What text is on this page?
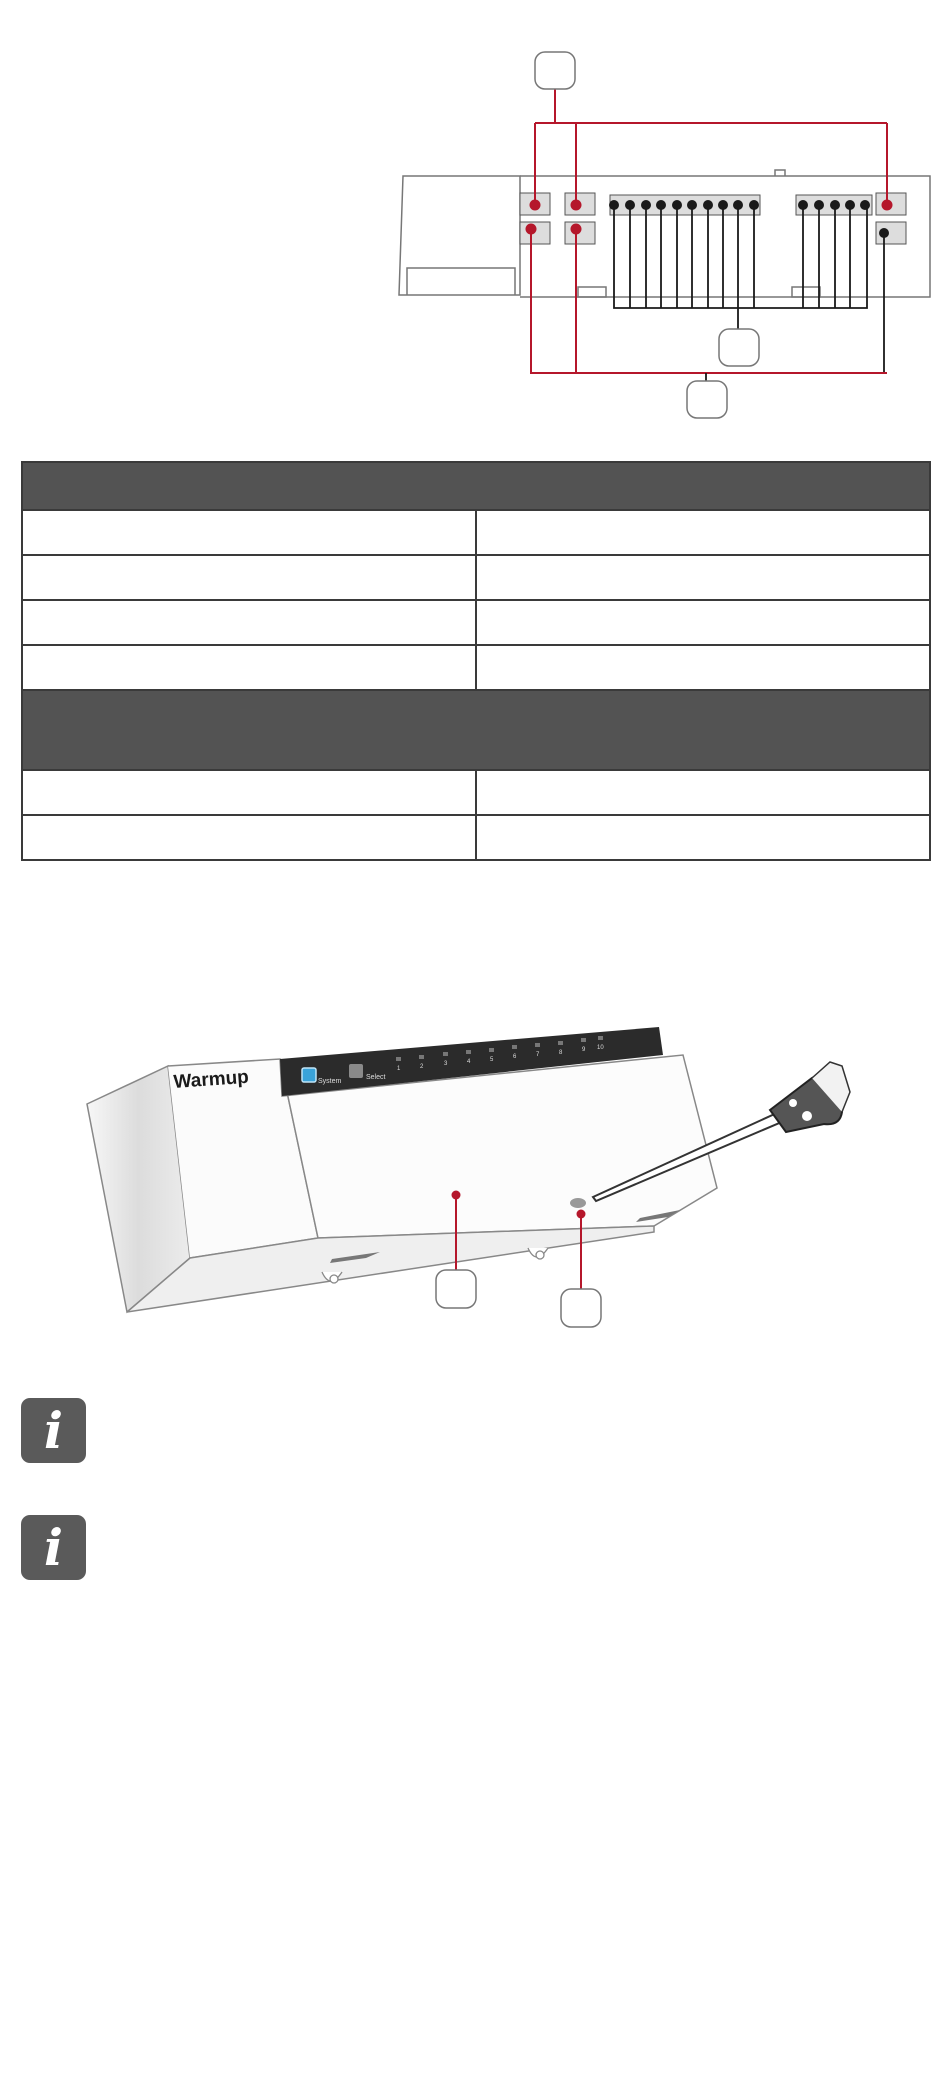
System
Select
1	2	3	4	5	6	7	8	9 10
Warmup
i
i
